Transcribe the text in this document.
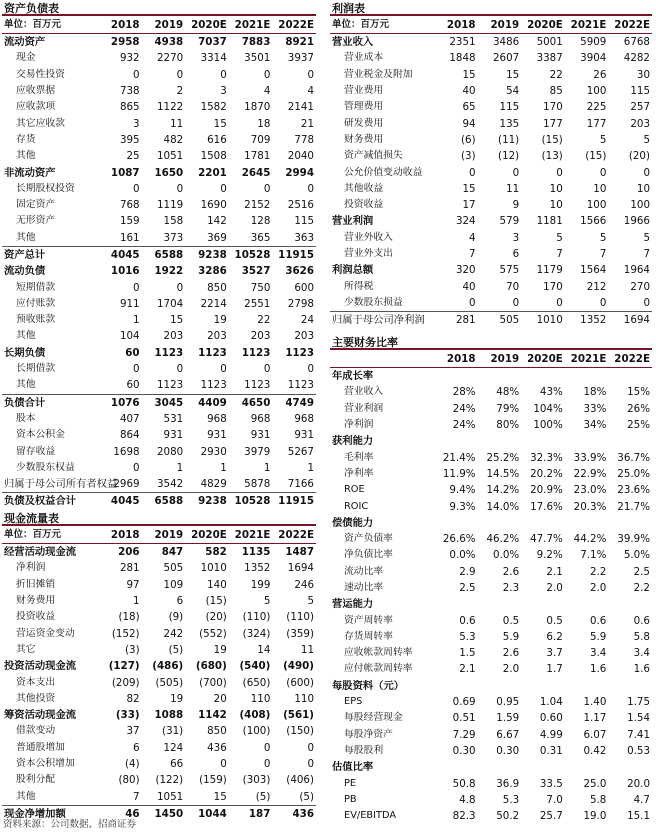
资产负债表
单位：百万元	2018	2019	2020E	2021E	2022E
流动资产	2958	4938	7037	7883	8921
现金	932	2270	3314	3501	3937
交易性投资	0	0	0	0	0
应收票据	738	2	3	4	4
应收款项	865	1122	1582	1870	2141
其它应收款	3	11	15	18	21
存货	395	482	616	709	778
其他	25	1051	1508	1781	2040
非流动资产	1087	1650	2201	2645	2994
长期股权投资	0	0	0	0	0
固定资产	768	1119	1690	2152	2516
无形资产	159	158	142	128	115
其他	161	373	369	365	363
资产总计	4045	6588	9238	10528	11915
流动负债	1016	1922	3286	3527	3626
短期借款	0	0	850	750	600
应付账款	911	1704	2214	2551	2798
预收账款	1	15	19	22	24
其他	104	203	203	203	203
长期负债	60	1123	1123	1123	1123
长期借款	0	0	0	0	0
其他	60	1123	1123	1123	1123
负债合计	1076	3045	4409	4650	4749
股本	407	531	968	968	968
资本公积金	864	931	931	931	931
留存收益	1698	2080	2930	3979	5267
少数股东权益	0	1	1	1	1
归属于母公司所有者权益	2969	3542	4829	5878	7166
负债及权益合计	4045	6588	9238	10528	11915
现金流量表
单位：百万元	2018	2019	2020E	2021E	2022E
经营活动现金流	206	847	582	1135	1487
净利润	281	505	1010	1352	1694
折旧摊销	97	109	140	199	246
财务费用	1	6	(15)	5	5
投资收益	(18)	(9)	(20)	(110)	(110)
营运资金变动	(152)	242	(552)	(324)	(359)
其它	(3)	(5)	19	14	11
投资活动现金流	(127)	(486)	(680)	(540)	(490)
资本支出	(209)	(505)	(700)	(650)	(600)
其他投资	82	19	20	110	110
筹资活动现金流	(33)	1088	1142	(408)	(561)
借款变动	37	(31)	850	(100)	(150)
普通股增加	6	124	436	0	0
资本公积增加	(4)	66	0	0	0
股利分配	(80)	(122)	(159)	(303)	(406)
其他	7	1051	15	(5)	(5)
现金净增加额	46	1450	1044	187	436
利润表
单位：百万元	2018	2019	2020E	2021E	2022E
营业收入	2351	3486	5001	5909	6768
营业成本	1848	2607	3387	3904	4282
营业税金及附加	15	15	22	26	30
营业费用	40	54	85	100	115
管理费用	65	115	170	225	257
研发费用	94	135	177	177	203
财务费用	(6)	(11)	(15)	5	5
资产减值损失	(3)	(12)	(13)	(15)	(20)
公允价值变动收益	0	0	0	0	0
其他收益	15	11	10	10	10
投资收益	17	9	10	100	100
营业利润	324	579	1181	1566	1966
营业外收入	4	3	5	5	5
营业外支出	7	6	7	7	7
利润总额	320	575	1179	1564	1964
所得税	40	70	170	212	270
少数股东损益	0	0	0	0	0
归属于母公司净利润	281	505	1010	1352	1694
主要财务比率
	2018	2019	2020E	2021E	2022E
年成长率					
营业收入	28%	48%	43%	18%	15%
营业利润	24%	79%	104%	33%	26%
净利润	24%	80%	100%	34%	25%
获利能力					
毛利率	21.4%	25.2%	32.3%	33.9%	36.7%
净利率	11.9%	14.5%	20.2%	22.9%	25.0%
ROE	9.4%	14.2%	20.9%	23.0%	23.6%
ROIC	9.3%	14.0%	17.6%	20.3%	21.7%
偿债能力					
资产负债率	26.6%	46.2%	47.7%	44.2%	39.9%
净负债比率	0.0%	0.0%	9.2%	7.1%	5.0%
流动比率	2.9	2.6	2.1	2.2	2.5
速动比率	2.5	2.3	2.0	2.0	2.2
营运能力					
资产周转率	0.6	0.5	0.5	0.6	0.6
存货周转率	5.3	5.9	6.2	5.9	5.8
应收帐款周转率	1.5	2.6	3.7	3.4	3.4
应付帐款周转率	2.1	2.0	1.7	1.6	1.6
每股资料（元）					
EPS	0.69	0.95	1.04	1.40	1.75
每股经营现金	0.51	1.59	0.60	1.17	1.54
每股净资产	7.29	6.67	4.99	6.07	7.41
每股股利	0.30	0.30	0.31	0.42	0.53
估值比率					
PE	50.8	36.9	33.5	25.0	20.0
PB	4.8	5.3	7.0	5.8	4.7
EV/EBITDA	82.3	50.2	25.7	19.0	15.1
资料来源：公司数据、招商证券
